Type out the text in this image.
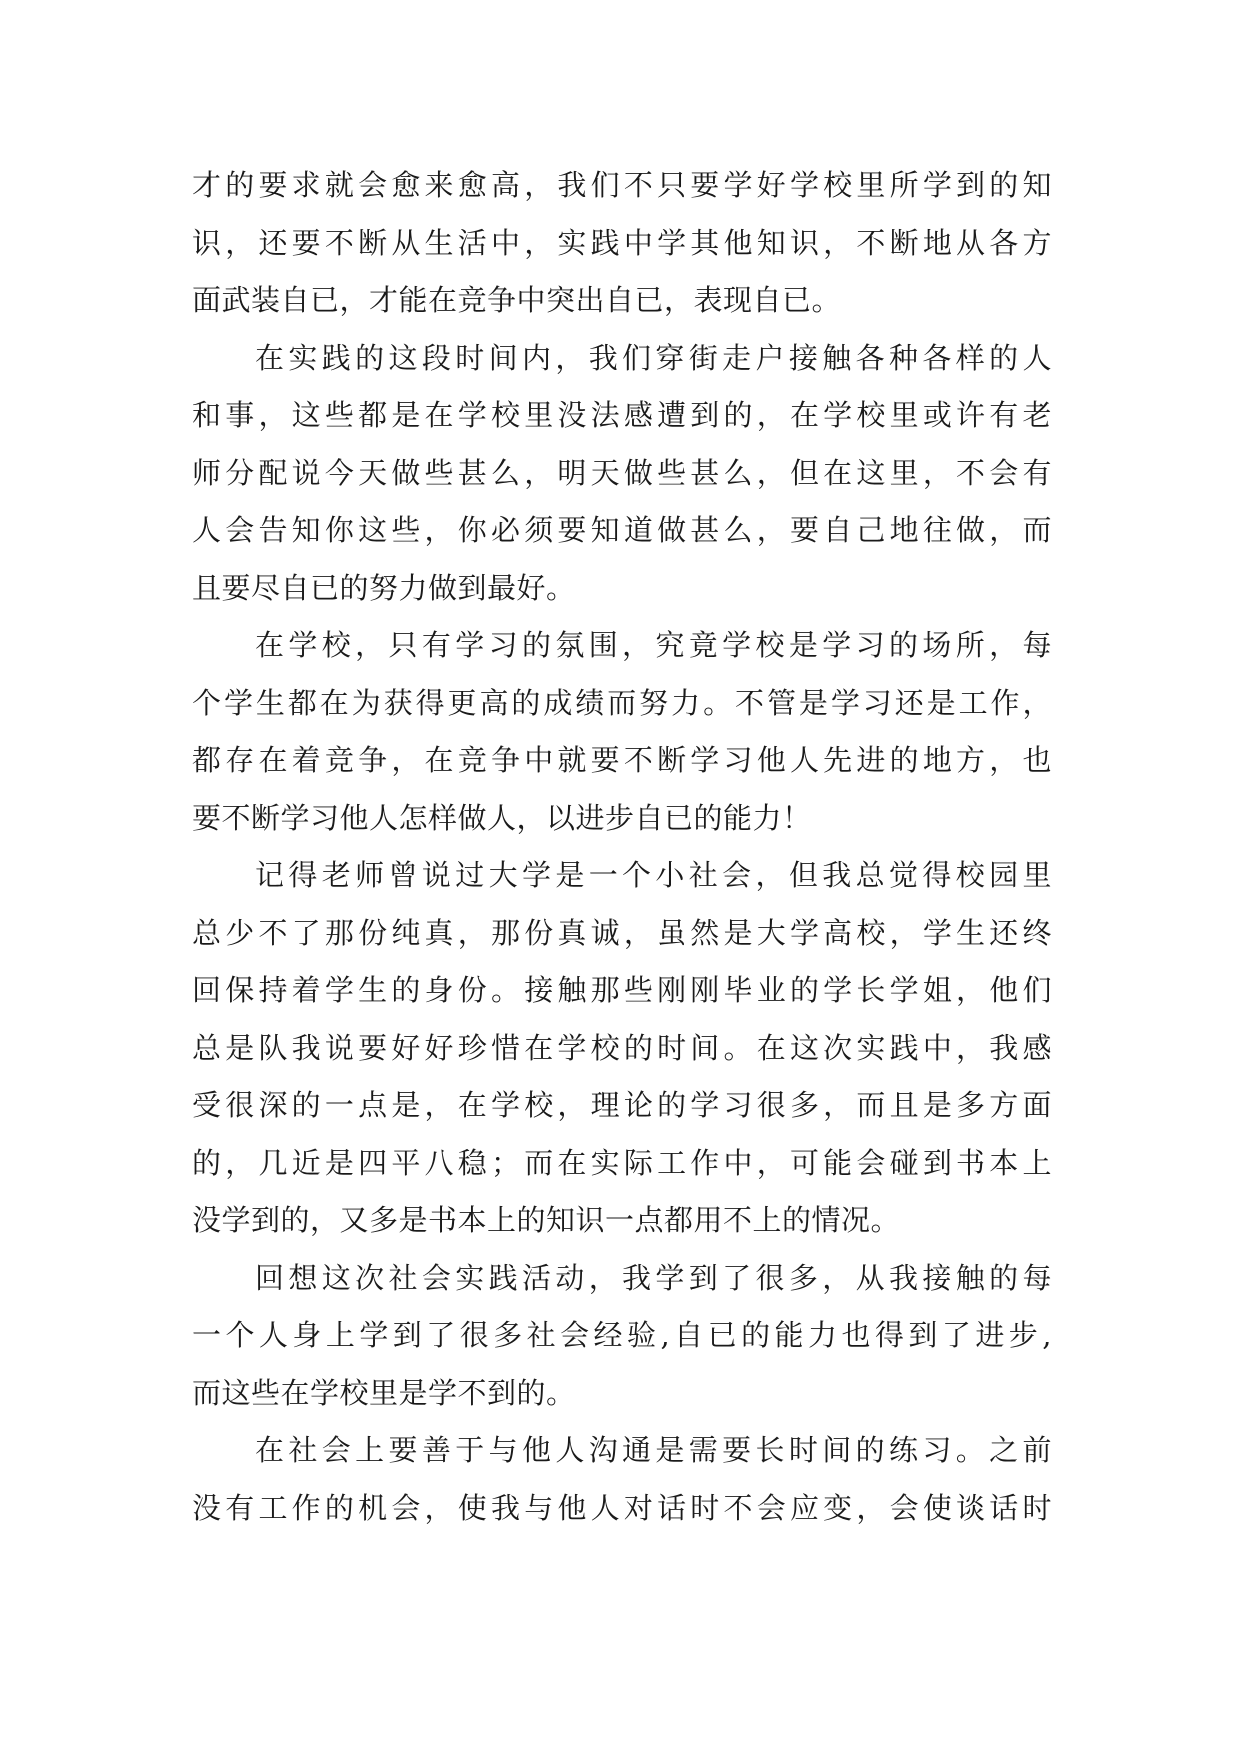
才的要求就会愈来愈高，我们不只要学好学校里所学到的知
识，还要不断从生活中，实践中学其他知识，不断地从各方
面武装自已，才能在竞争中突出自已，表现自已。
在实践的这段时间内，我们穿街走户接触各种各样的人
和事，这些都是在学校里没法感遭到的，在学校里或许有老
师分配说今天做些甚么，明天做些甚么，但在这里，不会有
人会告知你这些，你必须要知道做甚么，要自己地往做，而
且要尽自已的努力做到最好。
在学校，只有学习的氛围，究竟学校是学习的场所，每
个学生都在为获得更高的成绩而努力。不管是学习还是工作，
都存在着竞争，在竞争中就要不断学习他人先进的地方，也
要不断学习他人怎样做人，以进步自已的能力！
记得老师曾说过大学是一个小社会，但我总觉得校园里
总少不了那份纯真，那份真诚，虽然是大学高校，学生还终
回保持着学生的身份。接触那些刚刚毕业的学长学姐，他们
总是队我说要好好珍惜在学校的时间。在这次实践中，我感
受很深的一点是，在学校，理论的学习很多，而且是多方面
的，几近是四平八稳；而在实际工作中，可能会碰到书本上
没学到的，又多是书本上的知识一点都用不上的情况。
回想这次社会实践活动，我学到了很多，从我接触的每
一个人身上学到了很多社会经验,自已的能力也得到了进步,
而这些在学校里是学不到的。
在社会上要善于与他人沟通是需要长时间的练习。之前
没有工作的机会，使我与他人对话时不会应变，会使谈话时
